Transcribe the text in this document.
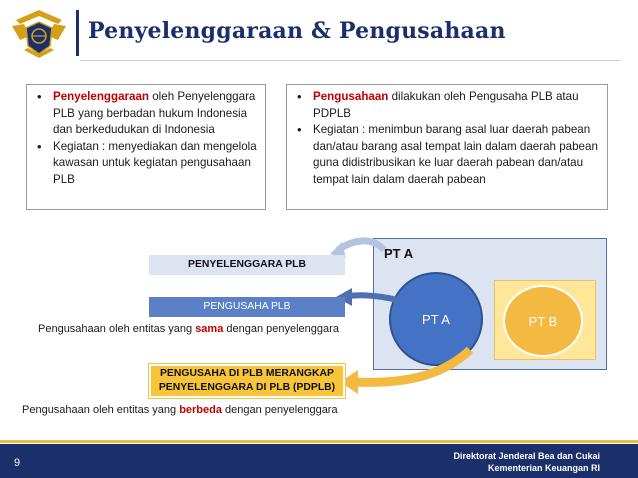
Penyelenggaraan & Pengusahaan
• Penyelenggaraan oleh Penyelenggara PLB yang berbadan hukum Indonesia dan berkedudukan di Indonesia
• Kegiatan : menyediakan dan mengelola kawasan untuk kegiatan pengusahaan PLB
• Pengusahaan dilakukan oleh Pengusaha PLB atau PDPLB
• Kegiatan : menimbun barang asal luar daerah pabean dan/atau barang asal tempat lain dalam daerah pabean guna didistribusikan ke luar daerah pabean dan/atau tempat lain dalam daerah pabean
PT A
PT A	PT B
PENYELENGGARA PLB
PENGUSAHA PLB
PENGUSAHA DI PLB MERANGKAP
PENYELENGGARA DI PLB (PDPLB)
Pengusahaan oleh entitas yang sama dengan penyelenggara
Pengusahaan oleh entitas yang berbeda dengan penyelenggara
9
Direktorat Jenderal Bea dan Cukai
Kementerian Keuangan RI
